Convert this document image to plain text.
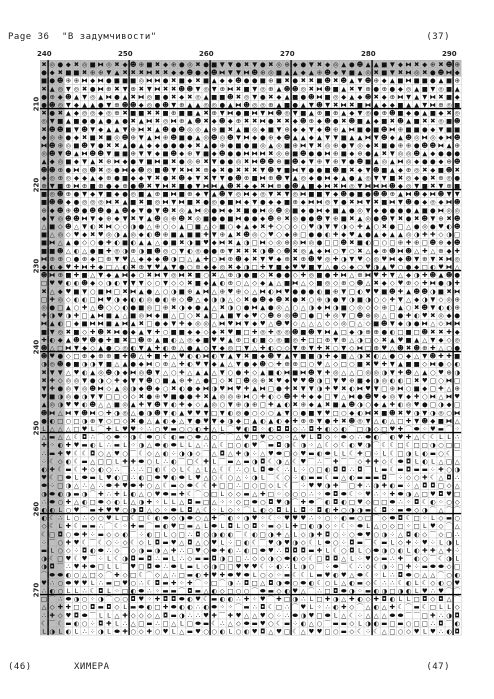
Page 36 "В задумчивости"	(37)
240	250	260	270	280	290
210
220
230
240
250
260
270
✖ ◎ ● ◆ ✖ ◎ ■ ⧓ ◎ ✖ ◆ ☻ ⊕ ■ ✖ ◆ ⊕ ● ◎ ✖ ● ■ ▼ ▼ ● ✖ ▼ ● ✖ ◎ ⊕ ◆ ● ▼ ✖ ◆ ◎ ▲ ● ☻ ▲ ▲ ■ ▼ ◆ ⧓ ✖ ◆ ⊕ ✖ ☻ ⊕
● ◆ ✖ ■ ■ ✖ ⊕ ⊕ ▼ ▲ ✖ ✖ ✖ ⧓ ✖ ✖ ◆ ◆ ☻ ● ◆ ☻ ⧓ ▼ ▼ ⧓ ☻ ⊕ ◎ ■ ▲ ▲ ◆ ▲ ⊕ ☻ ◆ ▼ ■ ▲ ◎ ✖ ■ ▼ ✖ ⧓ ◎ ✖ ● ☻ ⧓ ◆
■ ● ☻ ⊕ ⊕ ⧓ ◆ ⧓ ● ■ ■ ■ ◎ ⧓ ⧓ ● ✖ ■ ◆ ✖ ■ ▲ ◆ ◆ ☻ ● ● ■ ⊕ ■ ✖ ● ✖ ✖ ■ ☻ ✖ ☻ ▲ ▼ ☻ ⊕ ◆ ▲ ■ ⧓ ■ ■ ● ▲ ■ ⊕
✖ ▲ ◎ ▼ ◎ ✖ ● ⧓ ⊕ ✖ ▼ ⊕ ✖ ▼ ⧓ ✖ ✖ ☻ ☻ ▼ ◎ ▼ ⊕ ⧓ ✖ ■ ▼ ◎ ⊕ ▲ ☻ ☻ ◎ ✖ ⧓ ☻ ■ ▲ ✖ ▼ ⊕ ● ⊕ ● ◆ ◎ ▲ ■ ▼ ◎ ■ ▲
● ⊕ ◆ ☻ ▲ ▼ ◎ ▲ ⧓ ● ▲ ✖ ⧓ ◎ ■ ● ✖ ◆ ✖ ◎ ▲ ■ ■ ☻ ✖ ◎ ▼ ● ✖ ◆ ▲ ■ ● ☻ ⧓ ■ ◎ ◆ ▲ ◆ ☻ ✖ ◆ ⊕ ⧓ ▼ ▲ ▼ ⧓ ✖ ■ ◆
● ☻ ◎ ▼ ◆ ▲ ▲ ● ▼ ⊕ ☻ ☻ ◆ ◎ ● ☻ ▼ ⊕ ▲ ▲ ◎ ◎ ● ▲ ⧓ ☻ ◎ ◎ ⊕ ▲ ■ ● ▲ ▼ ☻ ▼ ✖ ⧓ ✖ ■ ⧓ ▲ ◆ ◆ ■ ▲ ▲ ▼ ⧓ ⊕ ◎ ■
✖ ● ✖ ▲ ◆ ◎ ◎ ◆ ◎ ⊕ ✖ ■ ■ ✖ ✖ ■ ⊕ ■ ■ ▲ ✖ ⊕ ▼ ⧓ ● ■ ⧓ ▼ ⧓ ☻ ◎ ▼ ■ ▲ ⊕ ■ ⊕ ▲ ◆ ▼ ◎ ● ⊕ ☻ ■ ◆ ● ▲ ■ ◆ ✖ ◎
◎ ▼ ■ ▲ ■ ● ● ▲ ● ▲ ● ✖ ▲ ⧓ ✖ ◎ ⧓ ⊕ ▲ ☻ ✖ ◆ ☻ ◆ ⊕ ✖ ✖ ⧓ ● ✖ ✖ ◆ ☻ ⊕ ◆ ☻ ● ✖ ☻ ■ ▲ ◆ ■ ✖ ☻ ▲ ■ ✖ ✖ ◎ ■ ☻
✖ ☻ ☻ ■ ▼ ☻ ▼ ◆ ▲ ▲ ▼ ⊕ ⧓ ✖ ▲ ☻ ● ☻ ◎ ◎ ▲ ⊕ ■ ✖ ▲ ■ ◎ ◆ ■ ▼ ⊕ ◆ ◆ ▼ ◆ ☻ ⊕ ▲ ⧓ ■ ● ■ ☻ ⧓ ⊕ ■ ■ ● ◆ ▼ ■ ■
◆ ◎ ⊕ ● ◆ ✖ ■ ✖ ■ ◎ ☻ ⊕ ▼ ▲ ⧓ ⊕ ☻ ■ ● ▲ ◎ ☻ ◎ ☻ ▼ ⧓ ◆ ● ⊕ ◆ ☻ ▲ ▲ ◆ ▲ ▼ ▼ ■ ▲ ▲ ⧓ ▼ ☻ ◆ ▲ ☻ ◎ ⧓ ◎ ◆ ⧓ ☻
⧓ ☻ ⊕ ◎ ■ ☻ ▼ ● ✖ ✖ ▲ ● ▲ ◆ ◆ ● ● ● ◆ ✖ ▲ ● ⊕ ● ■ ● ■ ◎ ▲ ◎ ■ ⊕ ⧓ ▼ ✖ ◎ ⊕ ● ▼ ◎ ◆ ✖ ■ ● ⊕ ⊕ ● ☻ ☻ ⧓ ▲ ⊕
◎ ☻ ▼ ☻ ▲ ⧓ ☻ ☻ ▼ ■ ■ ⊕ ▼ ▼ ◆ ■ ☻ ◆ ⊕ ▼ ■ ◆ ☻ ● ● ⧓ ⧓ ⧓ ✖ ◎ ⊕ ■ ☻ ● ● ⧓ ⊕ ■ ◆ ⊕ ● ▲ ✖ ▼ ◎ ◎ ☻ ▲ ◆ ● ● ●
▲ ◆ ◎ ■ ◆ ▼ ▲ ✖ ⊕ ⧓ ◆ ● ▼ ■ ⧓ ■ ✖ ● ◎ ⊕ ✖ ▼ ● ● ◎ ✖ ⧓ ☻ ☻ ⊕ ■ ☻ ◆ ▼ ⊕ ▼ ⊕ ▼ ● ☻ ■ ▲ ◎ ▲ ⧓ ◎ ◆ ● ● ◆ ⊕ ☻
☻ ☻ ⊕ ● ⧓ ◎ ☻ ✖ ◎ ● ⧓ ◆ ☻ ◎ ■ ☻ ▼ ✖ ⧓ ✖ ⊕ ◆ ✖ ● ✖ ✖ ✖ ▼ ☻ ▼ ■ ⧓ ▼ ● ● ■ ☻ ■ ✖ ◆ ▼ ☻ ■ ▲ ◆ ⊕ ◎ ✖ ◆ ■ ☻ ✖
◆ ◎ ⊕ ◎ ◆ ◆ ▲ ◆ ⊕ ● ■ ◆ ◆ ▼ ✖ ● ✖ ☻ ◆ ▼ ✖ ▼ ▼ ● ☻ ⊕ ■ ⧓ ⊕ ☻ ▼ ▲ ◎ ◆ ● ⧓ ◆ ▲ ● ▲ ◎ ▼ ▼ ■ ✖ ◎ ◆ ● ✖ ⊕ ◎ ●
⊕ ▼ ■ ⊕ ⧓ ⊕ ■ ⊕ ● ◆ ⊕ ● ☻ ✖ ▼ ⧓ ✖ ■ ● ▼ ⧓ ⧓ ▲ ☻ ✖ ◆ ◆ ✖ ⧓ ⊕ ● ☻ ▲ ■ ◆ ⧓ ✖ ⧓ ◎ ▼ ⧓ ⧓ ⧓ ☻ ◆ ◎ ▼ ■ ✖ ▼ ⊕ ■
■ ◎ ☻ ⊕ ● ▼ ◆ ▼ ■ ◆ ● ◎ ■ ▲ ⊕ ■ ⧓ ■ ⊕ ◆ ▼ ▲ ☻ ▼ ◎ ⧓ ◆ ◎ ▼ ✖ ▼ ◎ ⧓ ■ ■ ▼ ◆ ☻ ● ■ ● ☻ ☻ ⊕ ▲ ⧓ ☻ ◆ ⧓ ☻ ▼ ▼
■ ☻ ☻ ◆ ● ◎ ◎ ◎ ⧓ ✖ ▲ ■ ✖ ■ ◎ ⧓ ▼ ⧓ ■ ✖ ● ◎ ● ■ ⧓ ◆ ▼ ● ◆ ◆ ■ ⊕ ◆ ⧓ ⧓ ◎ ▼ ● ✖ ⧓ ▼ ✖ ■ ⧓ ▼ ☻ ● ◆ ◎ ◆ ⧓ ☻
⊕ ◆ ☻ ⊕ ☻ ● ☻ ☻ ● ▲ ☻ ◆ ▼ ● ▼ ☻ ✖ ◎ ▲ ⧓ ◎ ● ⧓ ◆ ✖ ■ ● ⧓ ◎ ☻ ◎ ■ ◆ ● ⧓ ◆ ■ ▲ ● ◎ ▼ ◆ ● ● ● ● ▲ ■ ● ⧓ ◎ ◎
◆ ▼ ◎ ☻ ☻ ⧓ ▼ ◆ ⊕ ◆ ▼ ✖ ▼ ▲ ☻ ◎ ⊕ ☻ ✖ ◎ ■ ● ● ■ ⧓ ● ● ◆ ☻ ⊕ ✖ ◎ ● ● ☻ ▼ ⊕ ■ ✖ ▲ ◎ ● ☻ ▼ ✖ ● ✖ ☻ ▼ ⊕ ✖ ☻
△ ■ ◇ ☻ △ ▼ ◐ ✖ ⧓ ○ ◇ ◑ ● △ ⊕ ○ ◇ ▲ □ ■ △ ◇ ■ ○ ◆ ▲ ◆ ✖ ✚ ○ ○ ◇ ○ ♥ ◑ ▼ ▼ ◑ ◇ ✚ ▲ ○ ✖ ● □ △ ● ◎ ● ♥ ◐ ☻
■ △ ◎ ◇ ♥ ◆ ✖ ♥ ◎ ◑ ▲ ◎ ◆ ◐ ☻ ⊕ ■ ▲ ■ ■ ✚ ▼ ⊕ ▲ ✖ ☻ ◎ ○ ♥ ○ ◆ ⊕ □ ● ● ◐ ✚ ◆ ♥ ▲ ● ▲ ◆ ▲ ▲ ◎ ◑ ✚ ✚ ◇ ◑ □
■ ⧓ △ ▲ ● ◇ ○ ● ✚ ◐ ■ ◐ ▲ ▲ △ ● ■ ✖ ◑ ■ ♥ ◆ ⧓ ✖ ▲ ◑ □ ⧓ ◇ ◎ ⊕ ◎ ⧓ ◎ ● □ □ ☻ ✖ ■ ◐ □ ○ □ ⊕ ✚ ⊕ □ ☻ ⊕ ◆ ☻
■ ■ ☻ △ ◐ △ ● ■ ✚ ◎ ◑ ⊕ ◑ ■ ☻ ◎ ○ ▼ ◐ ◎ ● ● ⊕ ▼ ✖ ✖ ✖ ◑ ☻ ◇ ☻ ✖ ◎ ▲ ◆ ⧓ ○ ▼ ○ ✖ △ ◆ ⊕ ☻ ⧓ ☻ △ ✚ △ ⊕ ◆ ✚
⧓ ⊕ ⊕ ○ ● ⊕ ◆ □ ⊕ ▼ ♥ △ ◆ ◆ ◆ ☻ ◑ □ △ ▲ ✚ ○ ⧓ ⊕ ☻ ◆ ✖ ▼ ♥ ◆ ⊕ ✖ ⊕ ☻ ♥ ◎ ✚ ◑ ▼ ♥ ◇ ◎ ♥ ⧓ ◆ ☻ ▼ ⊕ ▼ ✖ ⧓ ◎
◆ ◐ ◆ ♥ ✚ ⧓ ✚ ◆ □ △ ◐ ✖ ⊕ ▼ ♥ ▲ ▼ ● ○ ⊕ ◆ ◆ ◎ ✖ ◆ ◑ □ ✚ ▼ ■ ◆ ♥ ♥ ■ ▼ △ ● ◇ ◆ ○ ♥ ◑ ▲ ♥ ○ ● ◆ □ ◐ ♥ ⧓ △
☻ ⧓ ⊕ ■ ✚ ■ △ ▼ ◆ ▲ ⧓ ◆ ○ ✖ ⧓ ▼ ◎ ⧓ ✖ ■ ○ ✖ △ ⊕ ◑ ● ■ ◇ ✖ ● ● ◇ ✚ ◎ ■ ● ✚ ⧓ △ ⊕ ⧓ ♥ ✚ ▼ △ ◆ ◑ ✚ ☻ ▲ ☻ ●
□ ♥ ♥ ◐ ◐ ☻ ◆ ◇ ◑ ◐ ▼ ▼ ▼ ◇ ○ ▼ ◇ ◇ ✖ ■ ◆ ▲ ◐ ⊕ ○ △ ◇ ◆ ▲ △ ■ ⧓ △ ◇ ■ ◎ ◇ ⊕ ○ ☻ △ ✖ ◆ ◇ ♥ ⊕ ◇ ✚ ⧓ ● ◑ ✚
✖ △ ◆ ♥ ■ ▼ ○ ■ ⧓ □ ✖ ⧓ ▲ ● △ ○ ◑ ■ ⊕ ▲ ⧓ △ ⊕ ♥ ⊕ ◇ △ ⧓ ◐ ⧓ ♥ ● ● ● ◐ ■ ⊕ ▼ □ ◐ ♥ ♥ ■ ☻ ✚ ▲ ☻ ☻ ◑ ■ ✖ ⧓
□ ✚ ◎ ◇ ◐ ◐ □ ⧓ ♥ ◑ ◆ ◐ ◐ ◎ ● ◐ ⊕ ◇ ☻ △ ◆ ◑ ◑ △ ◇ ✖ ● ☻ ◆ ☻ ✖ ● ✖ ○ ⊕ ◑ ● ▼ ◑ ■ ◑ ○ ◇ ✚ ▼ △ ◆ ◑ ▼ ◇ ◎ ⊕
◎ ● □ ▲ ○ ✚ △ ☻ ○ ○ ◐ ● ■ ◎ □ ⊕ ✖ ◑ ◆ ● ▲ △ ✖ ◑ ○ ● ⧓ ▲ ● ◎ △ ○ △ ◑ ◆ ⧓ ◑ ■ ○ ◎ ◇ ◇ ⊕ □ ▲ ○ ✖ ☻ ▼ ◐ ◐ ⊕
✚ ◑ ♥ ◑ ✚ □ ▲ ⧓ ■ ▲ △ ■ ◎ ⧓ ◆ ■ △ □ ○ ✖ ▲ □ ▲ ■ ▼ ◆ ♥ ○ ☻ ⊕ ◎ ☻ □ ● □ ✚ ◎ ▼ □ ☻ ⊕ ◎ △ □ ● ✚ ◐ ♥ ✖ ◎ ◆ ●
⧓ ▲ ◐ □ ◆ ■ ⧓ ⧓ ■ ▲ ⧓ ▲ ✖ □ ● ◆ ▼ ✚ ◆ ◎ ◎ △ ⧓ ♥ ⧓ ▼ ◆ ♥ △ ☻ ♥ ◇ △ △ △ ◇ ◇ ◎ □ △ ◇ ■ ☻ ▼ ◆ ◑ ● ⧓ △ ◇ ⧓ ⧓
■ ▼ ◎ ✖ ■ ◇ ✚ ☻ ✖ ⧓ ● ◆ ▲ ▼ ✚ ○ ■ ■ ◆ ◆ ◇ ◆ ✖ ♥ ■ □ ✚ ◎ ✚ ◎ ◎ ☻ ■ ☻ ▼ ⧓ ▲ □ ◆ ◑ ⊕ ⊕ ● ◐ □ ■ □ ☻ ✖ ✖ ✚ ◆
✚ ◐ ◆ ▲ ☻ ♥ ☻ ● ✚ ■ ✖ □ ☻ ⊕ ▲ ■ ◐ △ ◎ ◆ ■ ♥ ♥ ▲ ⊕ □ ◐ ■ ◇ ◎ ■ ◎ ✚ □ □ ⊕ ▼ ⊕ △ ◑ □ ◇ ✖ ▲ ♥ ■ ▲ △ ▼ ◆ ◇ ◎
☻ △ □ ⧓ ▼ ◆ ◇ ▲ ● ○ ◎ ◐ ▼ ▲ ✚ ◐ ⊕ △ ● ▲ ◇ ▼ ◆ ◎ □ ▼ △ ✚ ◐ ○ ◇ ▼ ⊕ ▼ ✚ ✖ ○ ▼ ◇ ⧓ □ ⊕ ♥ △ ☻ ✖ ☻ ⊕ ✚ △ ○ ●
☻ ♥ ● ◇ □ ⊕ ◆ ⊕ ⊕ ■ ✚ ☻ △ ✚ ■ ✚ △ ♥ ◐ ◐ ⧓ ◐ ▼ ▲ ▼ ✖ ■ ◆ ☻ ▼ ▲ ▼ ■ ■ ◑ ✚ ◆ ■ △ ◑ ✖ ◐ △ ● ○ ◆ △ ▼ ☻ ✚ ✚ ■
◑ ◎ ☻ ● ■ ◑ ◑ ▼ ■ △ ▲ ● ◆ ⧓ ○ ⊕ △ ✚ ◐ ♥ ▼ ◆ ▲ △ ▼ ● ◆ ☻ ○ ✚ ⊕ ⊕ □ ○ ♥ △ ◇ □ ○ ■ ✖ ♥ ✚ ▼ ▲ ■ ■ ◇ ⧓ ● ◇ ◐
✖ ▼ ▼ △ ♥ ◐ ▲ ◎ ☻ ◑ ◆ ⧓ ◎ ☻ ▼ △ ○ ✚ △ ▲ ▲ △ ▼ ○ ● ✚ ◇ ▲ ■ ◐ ⧓ ■ ⧓ ☻ ▼ ✚ ◎ △ △ □ ◎ ◎ ◑ ▼ ✚ ☻ △ ▲ ○ ♥ ⊕ ◑
✖ ✚ ◇ ◎ ◎ ▼ ● ◑ ○ ✚ ◆ ▼ ▼ ☻ ○ ■ ▲ ⊕ ✚ △ ● □ ◇ ✖ □ ☻ ◎ ⊕ ✖ ♥ ◆ ♥ ♥ ☻ ◑ □ ▼ ♥ ⊕ ■ ◆ ◑ ◎ ◐ ◐ □ ✖ ♥ □ ○ ⧓ □
▼ ✚ ● ◎ ▼ ◎ ☻ ⧓ ◇ ▲ ◎ ◑ ◆ ☻ ◆ ○ ✖ ◐ ● ◆ ⧓ ◑ ♥ ⧓ ♥ ✚ ▲ ⧓ □ ● ✚ ✖ ▼ ▼ ◑ ✚ ♥ ✖ ◐ ⧓ ♥ ▼ □ ⊕ ⧓ ○ ■ ◆ □ ✚ △ ⊕
♥ ■ ◑ ◎ ● ◑ ▼ ▼ □ □ ◇ ◇ ✖ ● ⊕ ♥ ■ ● ● ✚ ✖ ▲ ◎ ◎ ⊕ ⧓ ○ ✚ ◐ ◇ ☻ ✚ ✚ ◆ ◆ □ ▼ △ ⧓ ● ☻ ♥ ◆ ◎ ▼ ◆ ✚ ○ ⧓ △ ⧓ ♥
▲ ◎ ◑ ♥ ♥ ◐ ☻ △ △ ■ ◎ ▲ ✚ ▼ ☻ ▼ ◐ ✚ ◆ ◇ ▲ ◎ ○ ▼ ⊕ ◑ ⊕ □ ✚ ▲ ◐ ✖ ⊕ ◆ ▲ ✖ ■ ▲ ☻ ◑ ○ ◆ ▲ ✚ ◐ ◎ ♥ ● □ ◑ ◆ □
☻ ⧓ △ ⧓ ▼ ☻ ⧓ ○ ✚ ◑ ◎ △ ● ◑ ☻ ▼ ◐ ▲ ♥ ♥ ▼ □ ▼ ◐ ◎ ● ○ ◇ ○ ▲ ▼ ○ ● ■ ▼ ♥ □ ○ ◆ ◐ ⧓ ✖ ■ ☻ ✖ ♥ ◑ ▼ ◑ ◎ ○ ⧓
● ◐ □ ○ □ ◑ ⊕ ▼ ○ □ ◇ ✖ ● △ ▲ ◐ ◆ △ ▼ ● ♥ ▼ ◆ ◑ ◆ □ ▲ ◐ ▲ ◐ ◆ ✚ ⊕ ⊕ ▼ ● ✚ ✖ ☻ ◎ ▼ △ ◐ △ □ ✚ ▼ ☻ ◆ ■ ⧓ △
L △ △ △ □ ♥ L ⌒ ✚ L ♥ ♥ ⁘ ∴ ○ ♥ ▬ ○ ○ ◐ ✚ △ L ⌒ ♥ ◐ ◘ ⁘ ◐ ◘ ◘ ◇ ∴ ◘ ✚ ◐ ◇ ◐ ⌒ □ ◑ ◇ □ ♥ ✚ ⌒ ⬬ ⁘ ♥ ▬ ⌒ ⁘
△ ▬ △ △ ☾ ◘ ∴ ⌒ ◇ ⬬ ⁘ ◑ ☾ ⬬ ○ ☾ ◐ ▬ ○ ⬬ △ ○ ⌒ ⌒ △ ♥ □ ♥ ○ ○ ⁘ △ ♥ L ◘ ◇ ⁘ ⬬ ◇ ∴ ⬬ ◐ ⌒ ◐ ♥ ✚ △ ☾ ☾ L L ∴
✚ ⁘ ◐ ✚ ♥ ▬ ◐ L ∴ ▬ L ⁘ ◑ △ ⬬ ◐ ⬬ L L △ ∴ △ ☾ □ ○ ◐ ♥ ⌒ ▬ ◘ ◑ ☾ ◑ ⁘ △ ☾ ◇ ☾ ◐ ♥ ◑ ⌒ ☾ ☾ □ ☾ □ □ ◑ ○ □ □
∴ ▬ ✚ ♥ ☾ ☾ ◘ ○ △ ♥ ○ ⌒ ☾ ◇ △ ◐ ⁘ ◑ ◑ ◇ ⌒ △ ◘ △ ✚ ◑ ⁘ △ ♥ ⬬ □ ◇ ♥ ▬ ◐ ⬬ L L ☾ ✚ □ ⁘ L ☾ □ ◑ L ◐ ▬ ○ ☾ ⌒
⁘ ☾ ◇ ◐ ☾ ▬ △ □ □ L ✚ ✚ ⬬ ○ L ∴ ◐ ⌒ □ ☾ ✚ L ⌒ ▬ △ ▬ ◑ ◘ ☾ ◑ △ ☾ ♥ ⌒ ∴ ⌒ ✚ ⌒ ⌒ ◇ ✚ ✚ ◇ ☾ ⬬ ◘ L ◐ L △ □ △
◐ ✚ ☾ ▬ ☾ ✚ ◇ ◐ ○ ∴ ⌒ ∴ ∴ □ ◐ ☾ ◇ L ☾ △ L △ ☾ ☾ ∴ ○ L ◘ ⬬ ☾ ∴ L ⁘ ○ □ ◐ ◘ ◘ ∴ ◘ ⌒ L ▬ ☾ ▬ ◘ ▬ ▬ ⁘ ✚ ○ ◑
♥ ☾ □ ⬬ L ⬬ ▬ L ♥ ◐ □ ∴ ◐ □ ⬬ ♥ ◐ ⬬ L ♥ △ ○ ☾ ○ △ ⁘ ◑ L ⌒ ☾ ○ ⁘ ◐ ▬ ▬ ☾ ▬ △ ◐ ▬ ▬ ▬ ◘ ⌒ ⁘ ◇ ○ ✚ ☾ △ ◘ ∴
⬬ ⁘ □ ◑ △ ∴ △ ∴ ⬬ ✚ ♥ ⬬ ✚ ○ △ ☾ ▬ ◇ ⬬ ☾ ☾ ✚ □ □ ∴ □ ○ □ ◇ L ☾ ⌒ ⁘ ♥ ♥ ◑ ✚ ⌒ □ ✚ ∴ ◑ ✚ ◐ ▬ ⁘ △ ◘ ◘ □ ◇ △
◑ ⬬ ◐ ◑ ▬ ◑ ⌒ ✚ ∴ ✚ L ◐ △ ○ ♥ ⬬ ▬ ✚ ☾ ⌒ ○ □ L ◇ ◇ ▬ △ ✚ □ ⁘ ◇ ○ ○ ∴ ⁘ ⬬ ◘ ⬬ ☾ ⁘ ♥ ∴ ⁘ ✚ ⬬ ◑ △ □ ♥ ◘ ♥ □
∴ ⬬ ○ ✚ △ ◐ □ ⬬ ◇ ◐ L △ ◑ ✚ ⁘ L L △ ◘ ▬ □ △ ⁘ ⁘ ◇ □ ⬬ ○ ◘ ♥ ◑ ⌒ ✚ ⬬ ⌒ ◐ ◘ ◐ □ ♥ ◇ □ □ ⬬ ∴ ⁘ ◘ ☾ ◐ ⁘ ○ ◇
◐ ◐ L ○ ♥ ⌒ ▬ ✚ ♥ ♥ ○ ◑ ◘ △ ◇ ⁘ ⬬ L ◘ △ ☾ ⁘ L ◇ ⁘ ⌒ L ◐ ◇ ◘ L L ◘ ⁘ ◘ ◐ ✚ ○ ◑ ◑ ▬ ☾ ◘ ⁘ ▬ ⬬ ◇ ◑ ⌒ △ ⌒ ⌒
◐ ☾ ∴ L ○ ∴ ◇ ○ ♥ L □ ☾ □ ☾ ◐ ⬬ ◇ ◑ ⬬ ○ △ ✚ ⌒ ◐ ⁘ ◑ ♥ ⁘ ☾ ⁘ ♥ ♥ ♥ ∴ ⁘ ○ ⁘ ◐ ▬ ○ □ ⌒ ◇ ⬬ ◘ ☾ □ ⁘ L ◇ ▬ ○
◇ ☾ L ✚ ☾ ▬ ▬ ∴ ⌒ ☾ ⁘ ✚ ▬ ⌒ ▬ ◐ ♥ □ ▬ △ L ⬬ L ◘ L ○ ◘ ⁘ ▬ ◇ L ✚ □ ◐ ◑ ◇ ⁘ ☾ ⁘ ⬬ L △ ○ ◇ □ ⁘ □ L ♥ ◇ ⌒ △
☾ □ ◘ ○ ⬬ ✚ ⁘ ▬ ◇ ◇ ◐ ⌒ ⁘ ◐ □ L ○ □ ∴ ◘ ○ ◑ ◐ ◐ ⌒ ☾ ◐ □ ◑ ✚ △ L ◇ ◑ ✚ ◘ ○ ⁘ ○ ⬬ ♥ ○ ◑ ⁘ △ ◘ ◐ ◇ ⌒ ◇ □ ∴
⁘ ⌒ ○ ✚ ♥ ☾ ⌒ ☾ ○ ⁘ ◇ ☾ ◇ L ◘ ▬ ♥ △ ◘ △ ○ ♥ L ⁘ □ ◐ ☾ ⌒ ♥ ◑ ♥ ◑ ◇ ☾ L ⬬ ○ ⁘ ◘ ▬ ⌒ ☾ ▬ L ◇ ✚ ⁘ ♥ ⁘ L ◑ L
▬ L ○ ◇ ⁘ ◘ ◐ ⬬ ∴ ◇ ⌒ ◇ ◑ ▬ ◑ △ ✚ ∴ □ ♥ ○ ⬬ ✚ ◐ ∴ ◐ □ ⬬ ♥ ∴ ◘ ◘ ◘ ▬ ✚ L ☾ ○ ◘ L ○ ⬬ ◑ ○ ◐ L ◐ ✚ ✚ △ ✚ ⁘
◑ ☾ □ ♥ ☾ ♥ ⌒ ⁘ L ☾ ◑ ◘ ▬ ◘ ∴ ▬ L ∴ ◇ ▬ ▬ ◘ ◑ □ □ ∴ ◇ ◇ ◑ ○ ⬬ ◐ ◇ ☾ □ ◘ ◘ △ L ⁘ ♥ ◇ ▬ ∴ ✚ ⌒ ◐ ○ ⌒ ☾ ◑ L
◑ ◘ ⌒ ∴ ♥ ✚ ⬬ □ L L ⌒ ♥ □ ◘ ⬬ ∴ ⬬ L ▬ L ◇ ◑ □ □ ♥ ♥ ♥ ☾ ⁘ ◐ ∴ L ◑ ○ ⌒ ⁘ ⬬ ⌒ ☾ ∴ ◇ ☾ ◑ ⁘ □ ✚ ⁘ ▬ ⬬ ⬬ ◇ □
⌒ ⬬ ⬬ ◐ ○ △ □ ◇ ⌒ ✚ ◇ □ ☾ ⌒ ◇ △ ∴ □ ▬ ◐ ✚ ♥ ✚ ⬬ ♥ ⬬ L ○ ◇ ⁘ ▬ ☾ ☾ L ▬ ♥ ◐ ♥ △ ⬬ ☾ ⁘ L ∴ ◘ ⬬ ○ △ △ ⌒ ○ ◐
♥ ∴ ○ ⬬ ♥ ♥ L ∴ ▬ □ ♥ ○ ∴ ☾ ◘ ▬ ✚ ⁘ ✚ ⌒ ⁘ □ ⌒ ◑ ∴ ◘ □ △ ◘ ◑ ⬬ ○ ⬬ ◐ ☾ ○ L △ ◐ ▬ ◇ ☾ ∴ ∴ ☾ ◐ L ☾ ◇ ◐ ○ ♥
∴ ◐ ○ L L ∴ ☾ ◘ L ⁘ □ ◐ ⬬ ∴ ⁘ ▬ ▬ ⌒ ◘ ▬ △ ◐ ◇ □ ○ ○ ⌒ ⬬ ▬ ◇ ◐ ♥ △ ⌒ ∴ □ ◘ ⬬ ◑ ⁘ ▬ ◐ ◑ □ ◑ ◐ L ♥ ∴ ♥ ⌒ ⌒
□ ⌒ ∴ ⬬ ◑ ○ ⁘ ◑ ⌒ ○ ○ ◘ ♥ ⁘ ✚ ◘ ◘ ⬬ ◐ ♥ ☾ ▬ ◐ ◐ ∴ ✚ ⁘ ♥ ⌒ ✚ □ ◑ ∴ L □ ✚ ◑ △ ✚ ◐ ◇ ✚ ◘ ◐ L L □ ◘ ◇ ◘ △ ⌒
△ ◇ ✚ ✚ □ ○ ◘ ▬ ◘ ◇ L ▬ ⬬ ◐ □ ✚ ⬬ ◐ ◐ ∴ ◐ ⬬ ⁘ ⁘ ⌒ ▬ ∴ ◘ ☾ □ ∴ ⌒ ♥ L ⁘ ∴ ◐ ✚ ◇ ⌒ △ ◐ △ ✚ ☾ ⌒ ▬ ☾ □ L L ◇
∴ ✚ ◇ ♥ ◘ ⬬ ⌒ L L △ ✚ ◇ ◇ ◇ △ ◘ ▬ ◑ ∴ ∴ ♥ ✚ ⌒ ✚ ♥ △ △ ♥ ○ ⁘ ∴ ⬬ ◑ ♥ □ ⬬ L △ ☾ ⁘ △ △ △ ⬬ ⬬ ⌒ ⌒ □ ✚ ∴ ◑ ◘
☾ ⌒ ☾ ▬ ◐ ○ ⁘ ◘ ✚ L ∴ △ □ ▬ ∴ □ △ L □ ⬬ ▬ ☾ ∴ △ ◇ ⬬ ▬ ♥ ○ ☾ ▬ ⁘ ◐ △ ○ ⌒ ▬ ▬ ◇ L ◑ ◐ ▬ □ ▬ ○ □ □ ∴ ◘ ⌒ ◐
L ◑ L ◐ L ∴ ⁘ ◑ L ⬬ ✚ ○ ◇ ✚ ○ ♥ L △ ▬ ♥ ○ ○ ◐ L ○ ◐ ♥ ◘ △ ♥ □ ☾ △ ♥ ♥ □ ○ ▬ ◇ ☾ ⁘ ☾ △ □ ○ ◇ ♥ L ♥ ∴ ◐ ◘
(46)	ХИМЕРА	(47)
